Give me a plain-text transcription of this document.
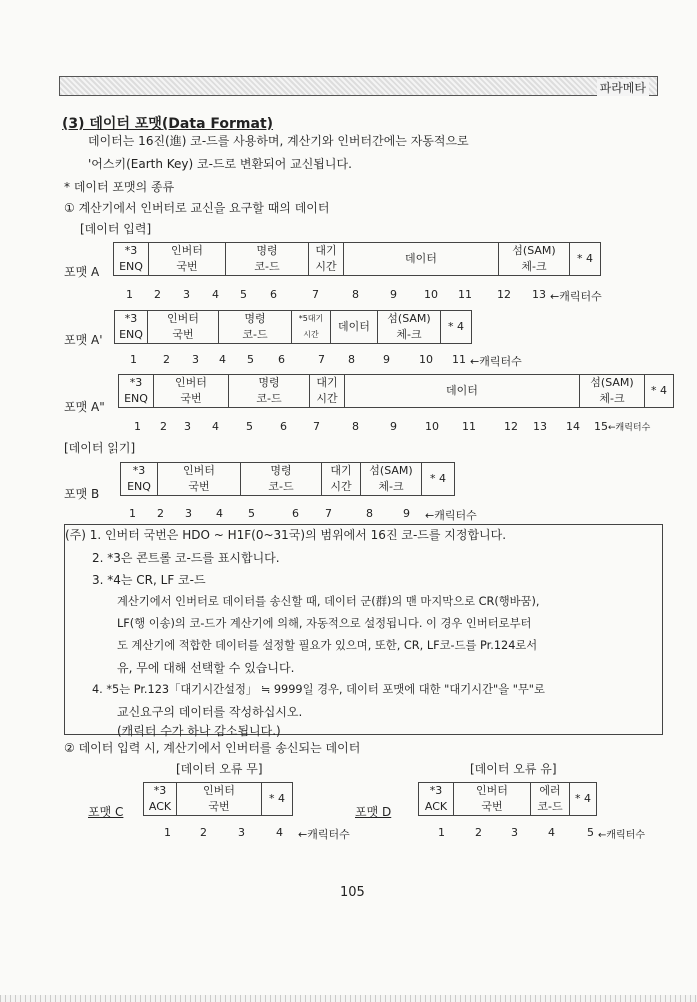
파라메타
(3) 데이터 포맷(Data Format)
데이터는 16진(進) 코-드를 사용하며, 계산기와 인버터간에는 자동적으로
'어스키(Earth Key) 코-드로 변환되어 교신됩니다.
* 데이터 포맷의 종류
① 계산기에서 인버터로 교신을 요구할 때의 데이터
[데이터 입력]
포맷 A
*3	인버터	명령	대기	데이터	섬(SAM)	* 4
ENQ	국번	코-드	시간		체-크	
1 2 3 4 5 6	7	8	9 10 11 12 13 ←캐릭터수
포맷 A'
*3	인버터	명령	*5대기	데이터	섬(SAM)	* 4
ENQ	국번	코-드	시간		체-크	
1 2 3 4 5 6	7 8	9	10 11 ←캐릭터수
포맷 A"
*3	인버터	명령	대기	데이터	섬(SAM)	* 4
ENQ	국번	코-드	시간		체-크	
1 2 3 4 5 6 7	8	9	10 11	12 13 14 15 ←캐릭터수
[데이터 읽기]
포맷 B
*3	인버터	명령	대기	섬(SAM)	* 4
ENQ	국번	코-드	시간	체-크	
1 2 3 4 5	6 7	8	9 ←캐릭터수
(주) 1. 인버터 국번은 HDO ~ H1F(0~31국)의 범위에서 16진 코-드를 지정합니다.
2. *3은 콘트롤 코-드를 표시합니다.
3. *4는 CR, LF 코-드
계산기에서 인버터로 데이터를 송신할 때, 데이터 군(群)의 맨 마지막으로 CR(행바꿈),
LF(행 이송)의 코-드가 계산기에 의해, 자동적으로 설정됩니다. 이 경우 인버터로부터
도 계산기에 적합한 데이터를 설정할 필요가 있으며, 또한, CR, LF코-드를 Pr.124로서
유, 무에 대해 선택할 수 있습니다.
4. *5는 Pr.123「대기시간설정」 ≒ 9999일 경우, 데이터 포맷에 대한 "대기시간"을 "무"로
교신요구의 데이터를 작성하십시오.
(캐릭터 수가 하나 감소됩니다.)
② 데이터 입력 시, 계산기에서 인버터를 송신되는 데이터
[데이터 오류 무]	[데이터 오류 유]
포맷 C
*3	인버터	* 4
ACK	국번	
1	2	3	4 ←캐릭터수
포맷 D
*3	인버터	에러	* 4
ACK	국번	코-드	
1	2	3	4	5 ←캐릭터수
105
